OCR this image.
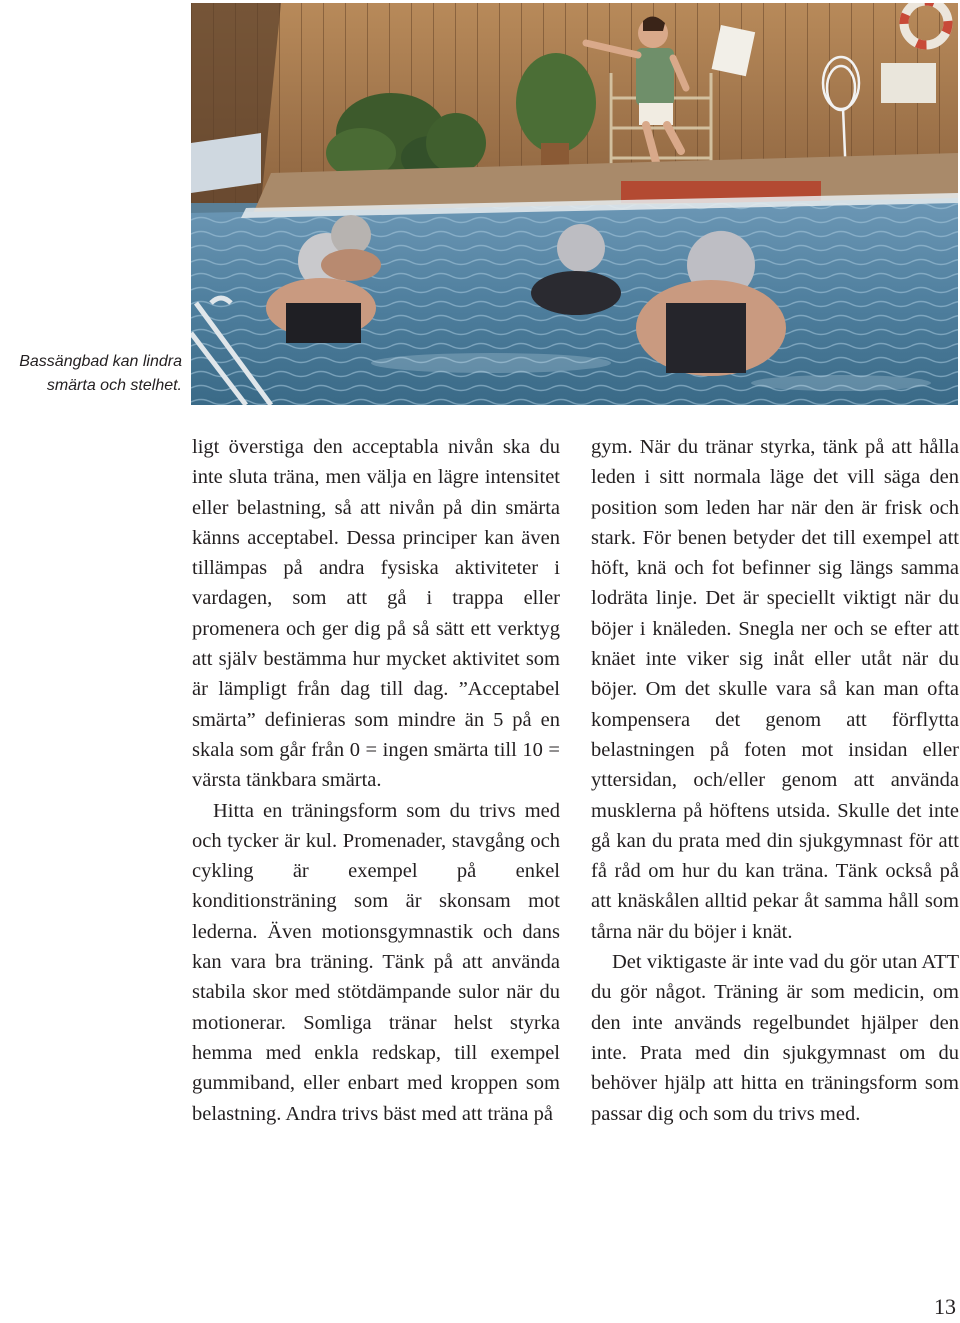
Bassängbad kan lindra
smärta och stelhet.

ligt överstiga den acceptabla nivån ska du inte sluta träna, men välja en lägre intensitet eller belastning, så att nivån på din smärta känns acceptabel. Dessa principer kan även tillämpas på andra fysiska aktiviteter i vardagen, som att gå i trappa eller promenera och ger dig på så sätt ett verktyg att själv bestämma hur mycket aktivitet som är lämpligt från dag till dag. ”Acceptabel smärta” definieras som mindre än 5 på en skala som går från 0 = ingen smärta till 10 = värsta tänkbara smärta.

Hitta en träningsform som du trivs med och tycker är kul. Promenader, stavgång och cykling är exempel på enkel konditionsträning som är skonsam mot lederna. Även motionsgymnastik och dans kan vara bra träning. Tänk på att använda stabila skor med stötdämpande sulor när du motionerar. Somliga tränar helst styrka hemma med enkla redskap, till exempel gummiband, eller enbart med kroppen som belastning. Andra trivs bäst med att träna på

gym. När du tränar styrka, tänk på att hålla leden i sitt normala läge det vill säga den position som leden har när den är frisk och stark. För benen betyder det till exempel att höft, knä och fot befinner sig längs samma lodräta linje. Det är speciellt viktigt när du böjer i knäleden. Snegla ner och se efter att knäet inte viker sig inåt eller utåt när du böjer. Om det skulle vara så kan man ofta kompensera det genom att förflytta belastningen på foten mot insidan eller yttersidan, och/eller genom att använda musklerna på höftens utsida. Skulle det inte gå kan du prata med din sjukgymnast för att få råd om hur du kan träna. Tänk också på att knäskålen alltid pekar åt samma håll som tårna när du böjer i knät.

Det viktigaste är inte vad du gör utan ATT du gör något. Träning är som medicin, om den inte används regelbundet hjälper den inte. Prata med din sjukgymnast om du behöver hjälp att hitta en träningsform som passar dig och som du trivs med.

13
